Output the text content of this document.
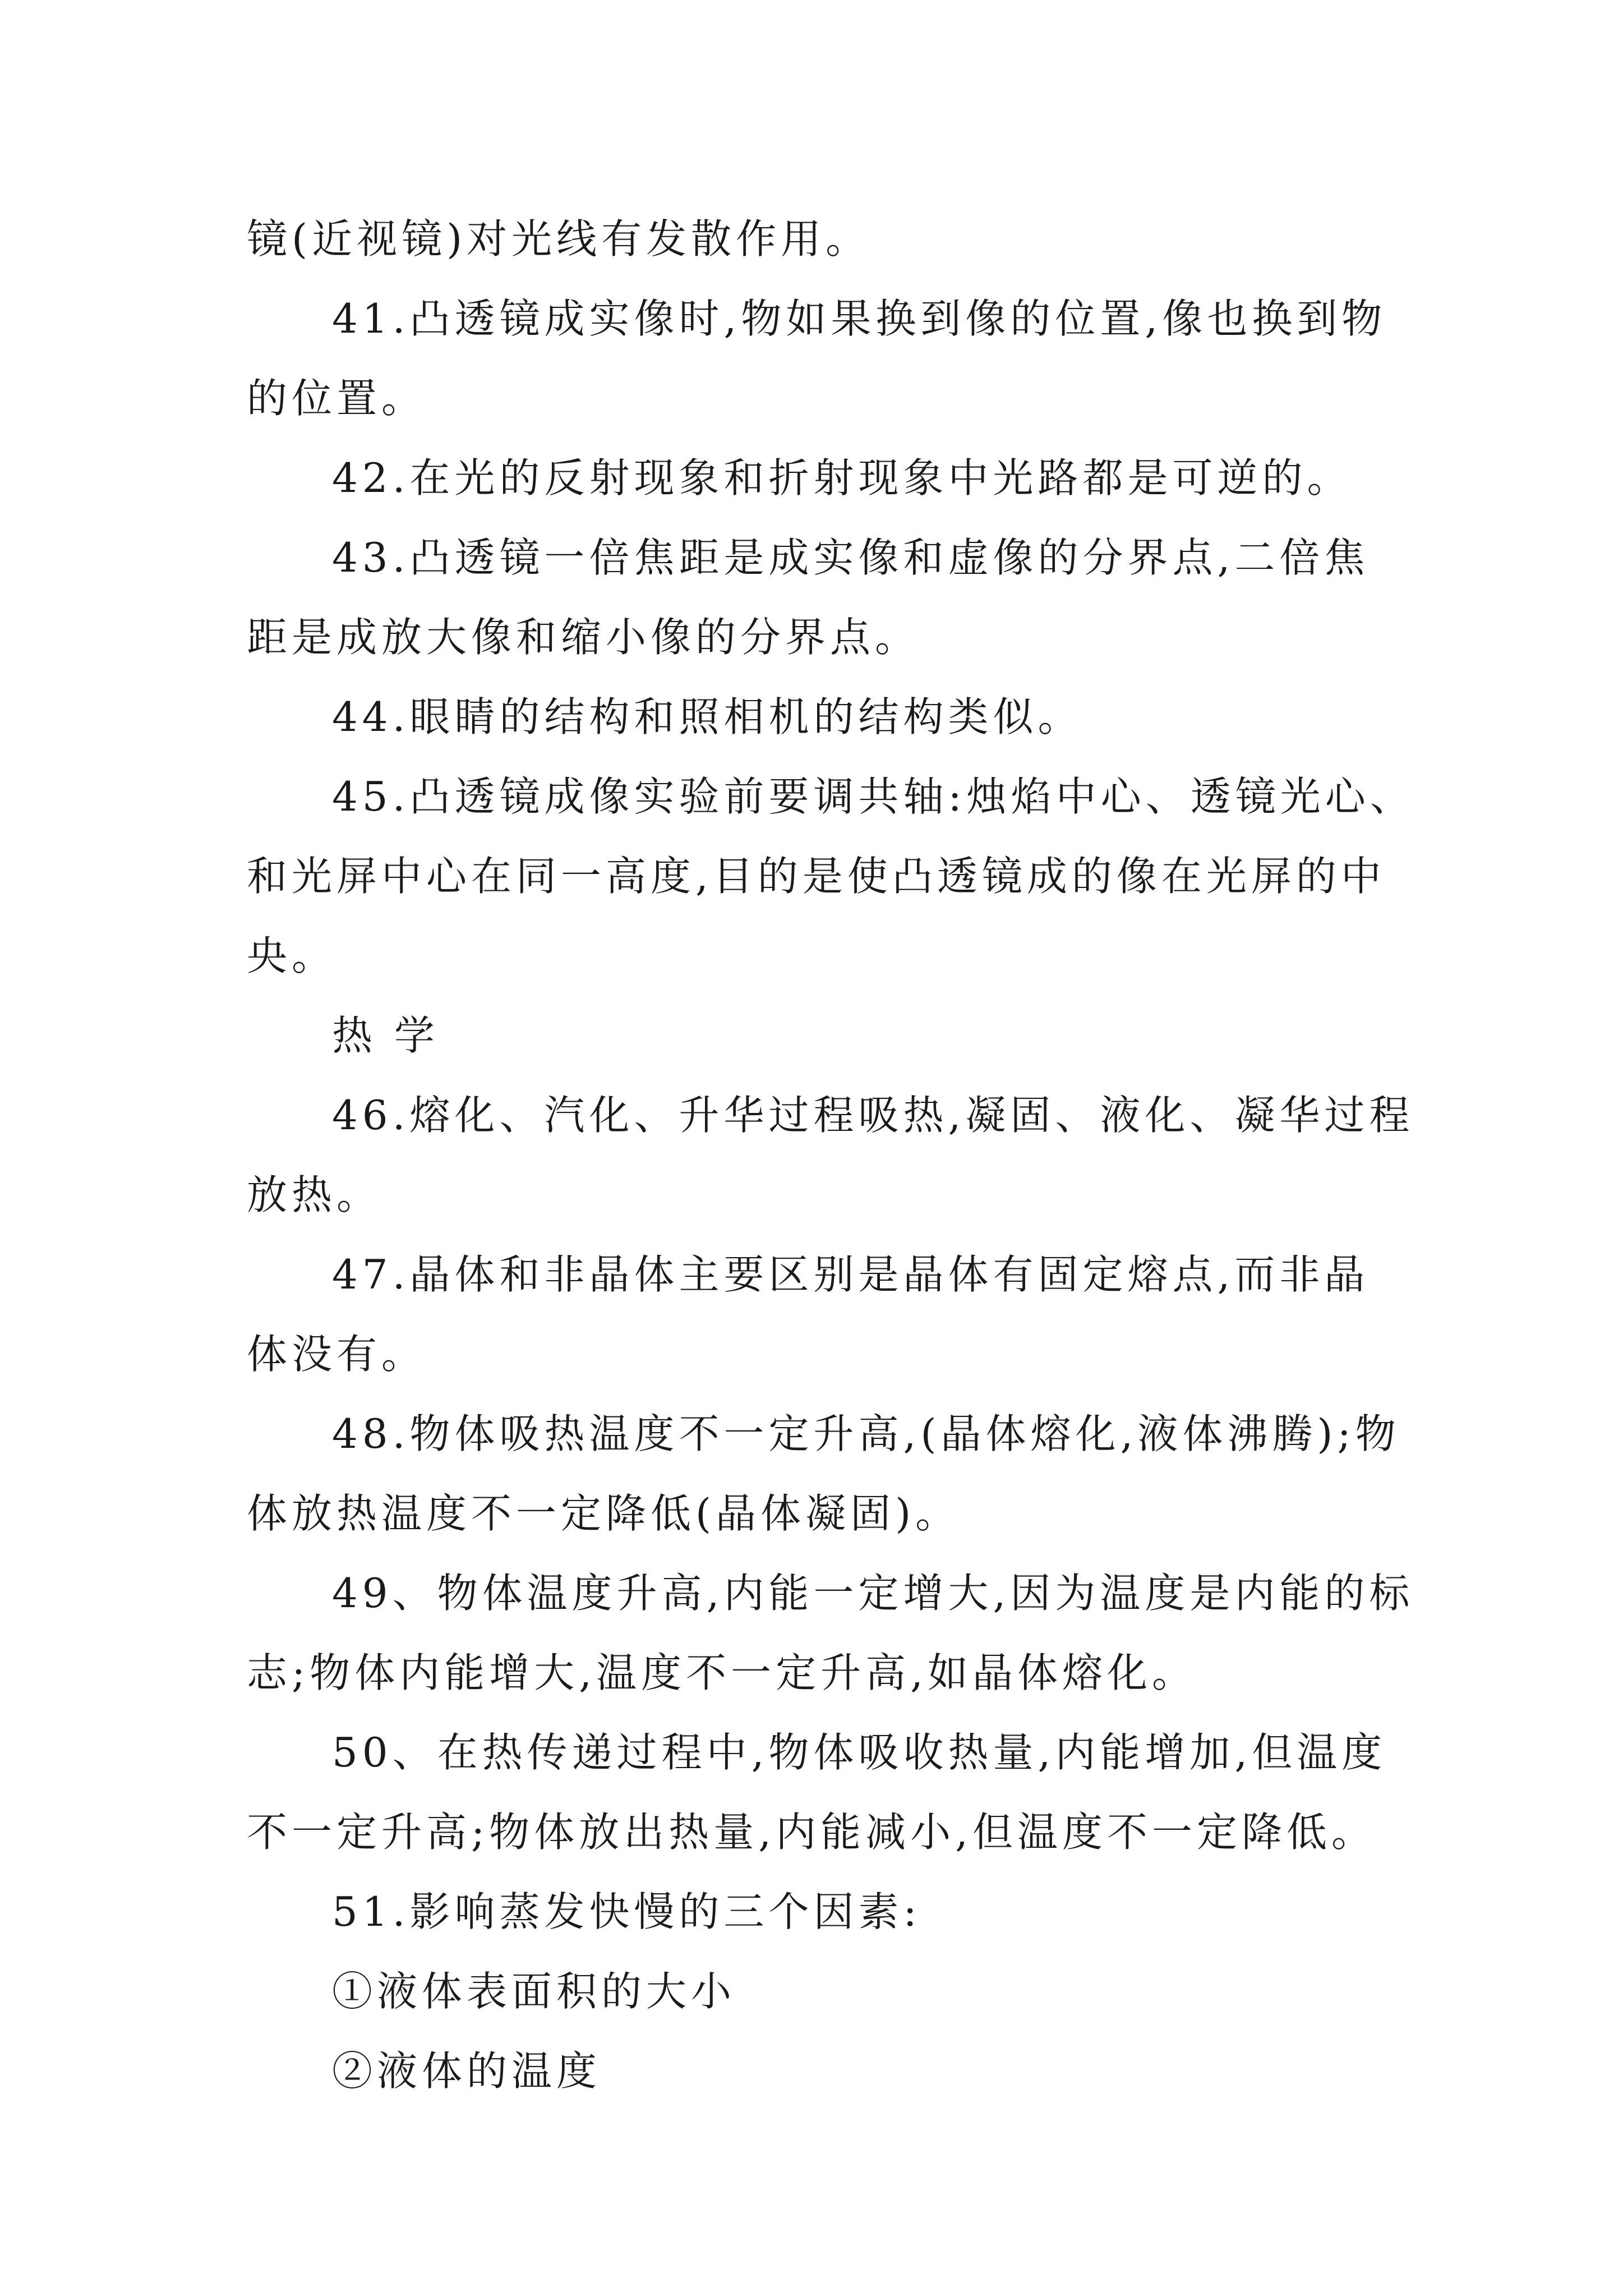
镜(近视镜)对光线有发散作用。
41.凸透镜成实像时,物如果换到像的位置,像也换到物
的位置。
42.在光的反射现象和折射现象中光路都是可逆的。
43.凸透镜一倍焦距是成实像和虚像的分界点,二倍焦
距是成放大像和缩小像的分界点。
44.眼睛的结构和照相机的结构类似。
45.凸透镜成像实验前要调共轴:烛焰中心、透镜光心、
和光屏中心在同一高度,目的是使凸透镜成的像在光屏的中
央。
热 学
46.熔化、汽化、升华过程吸热,凝固、液化、凝华过程
放热。
47.晶体和非晶体主要区别是晶体有固定熔点,而非晶
体没有。
48.物体吸热温度不一定升高,(晶体熔化,液体沸腾);物
体放热温度不一定降低(晶体凝固)。
49、物体温度升高,内能一定增大,因为温度是内能的标
志;物体内能增大,温度不一定升高,如晶体熔化。
50、在热传递过程中,物体吸收热量,内能增加,但温度
不一定升高;物体放出热量,内能减小,但温度不一定降低。
51.影响蒸发快慢的三个因素:
①液体表面积的大小
②液体的温度
